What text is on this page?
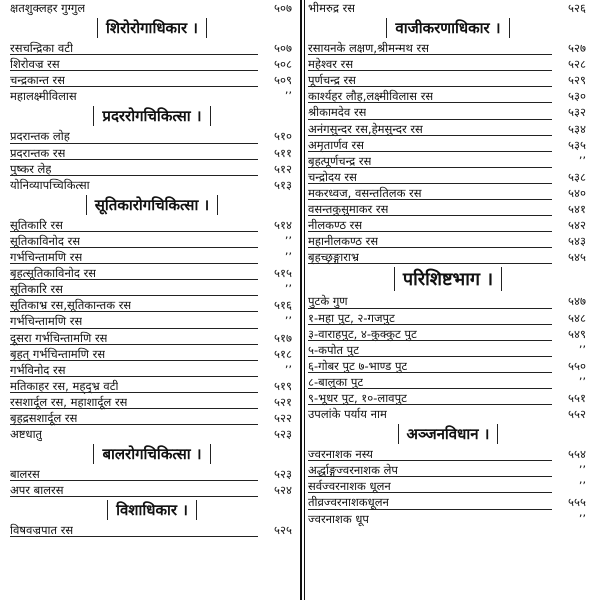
क्षतशुक्लहर गुग्गुल	५०७
शिरोरोगाधिकार ।
रसचन्द्रिका वटी	५०७
शिरोवज्र रस	५०८
चन्द्रकान्त रस	५०९
महालक्ष्मीविलास	’’
प्रदररोगचिकित्सा ।
प्रदरान्तक लोह	५१०
प्रदरान्तक रस	५११
पुष्कर लेह	५१२
योनिव्यापच्चिकित्सा	५१३
सूतिकारोगचिकित्सा ।
सूतिकारि रस	५१४
सूतिकाविनोद रस	’’
गर्भचिन्तामणि रस	’’
बृहत्सूतिकाविनोद रस	५१५
सूतिकारि रस	’’
सूतिकाभ्र रस,सूतिकान्तक रस	५१६
गर्भचिन्तामणि रस	’’
दूसरा गर्भचिन्तामणि रस	५१७
बृहत् गर्भचिन्तामणि रस	५१८
गर्भविनोद रस	’’
मतिकाहर रस, मह‌्द्भ्र वटी	५१९
रसशार्दूल रस, महाशार्दूल रस	५२१
बृहद्रसशार्दूल रस	५२२
अष्टधातु	५२३
बालरोगचिकित्सा ।
बालरस	५२३
अपर बालरस	५२४
विशाधिकार ।
विषवज्रपात रस	५२५
भीमरुद्र रस	५२६
वाजीकरणाधिकार ।
रसायनके लक्षण,श्रीमन्मथ रस	५२७
महेश्वर रस	५२८
पूर्णचन्द्र रस	५२९
कार्श्यहर लौह,लक्ष्मीविलास रस	५३०
श्रीकामदेव रस	५३२
अनंगसुन्दर रस,हेमसुन्दर रस	५३४
अमृतार्णव रस	५३५
बृहत्पूर्णचन्द्र रस	’’
चन्द्रोदय रस	५३८
मकरध्वज, वसन्ततिलक रस	५४०
वसन्तकुसुमाकर रस	५४१
नीलकण्ठ रस	५४२
महानीलकण्ठ रस	५४३
बृहच्छृङ्गाराभ्र	५४५
परिशिष्टभाग ।
पुटके गुण	५४७
१-महा पुट, २-गजपुट	५४८
३-वाराहपुट, ४-कुक्कुट पुट	५४९
५-कपोत पुट	’’
६-गोबर पुट ७-भाण्ड पुट	५५०
८-बालुका पुट	’’
९-भूधर पुट, १०-लावपुट	५५१
उपलांके पर्याय नाम	५५२
अञ्जनविधान ।
ज्वरनाशक नस्य	५५४
अर्द्धाङ्गज्वरनाशक लेप	’’
सर्वज्वरनाशक धूलन	’’
तीव्रज्वरनाशकधूलन	५५५
ज्वरनाशक धूप	’’
